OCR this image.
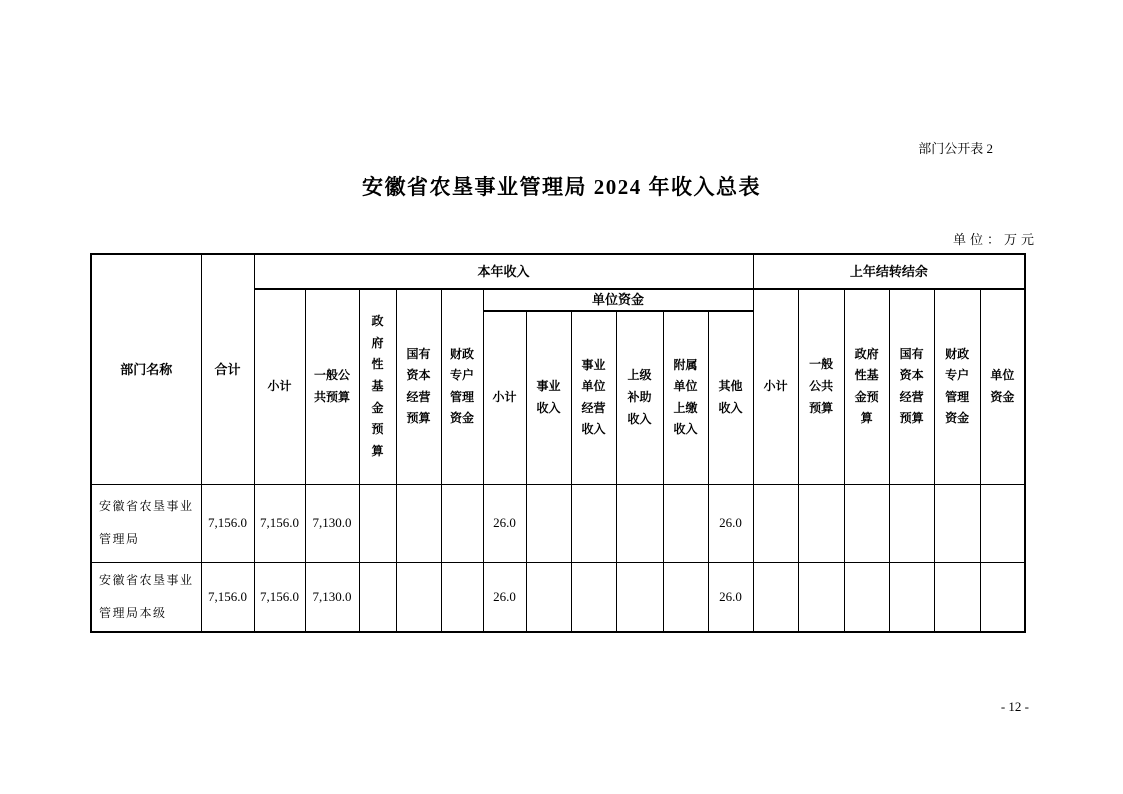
部门公开表 2
安徽省农垦事业管理局 2024 年收入总表
单位：万元
部门名称	合计	本年收入											上年结转结余					
		小计	一般公共预算	政府性基金预算	国有资本经营预算	财政专户管理资金	单位资金						小计	一般公共预算	政府性基金预算	国有资本经营预算	财政专户管理资金	单位资金
							小计	事业收入	事业单位经营收入	上级补助收入	附属单位上缴收入	其他收入						
安徽省农垦事业管理局	7,156.0	7,156.0	7,130.0				26.0					26.0						
安徽省农垦事业管理局本级	7,156.0	7,156.0	7,130.0				26.0					26.0						
- 12 -
